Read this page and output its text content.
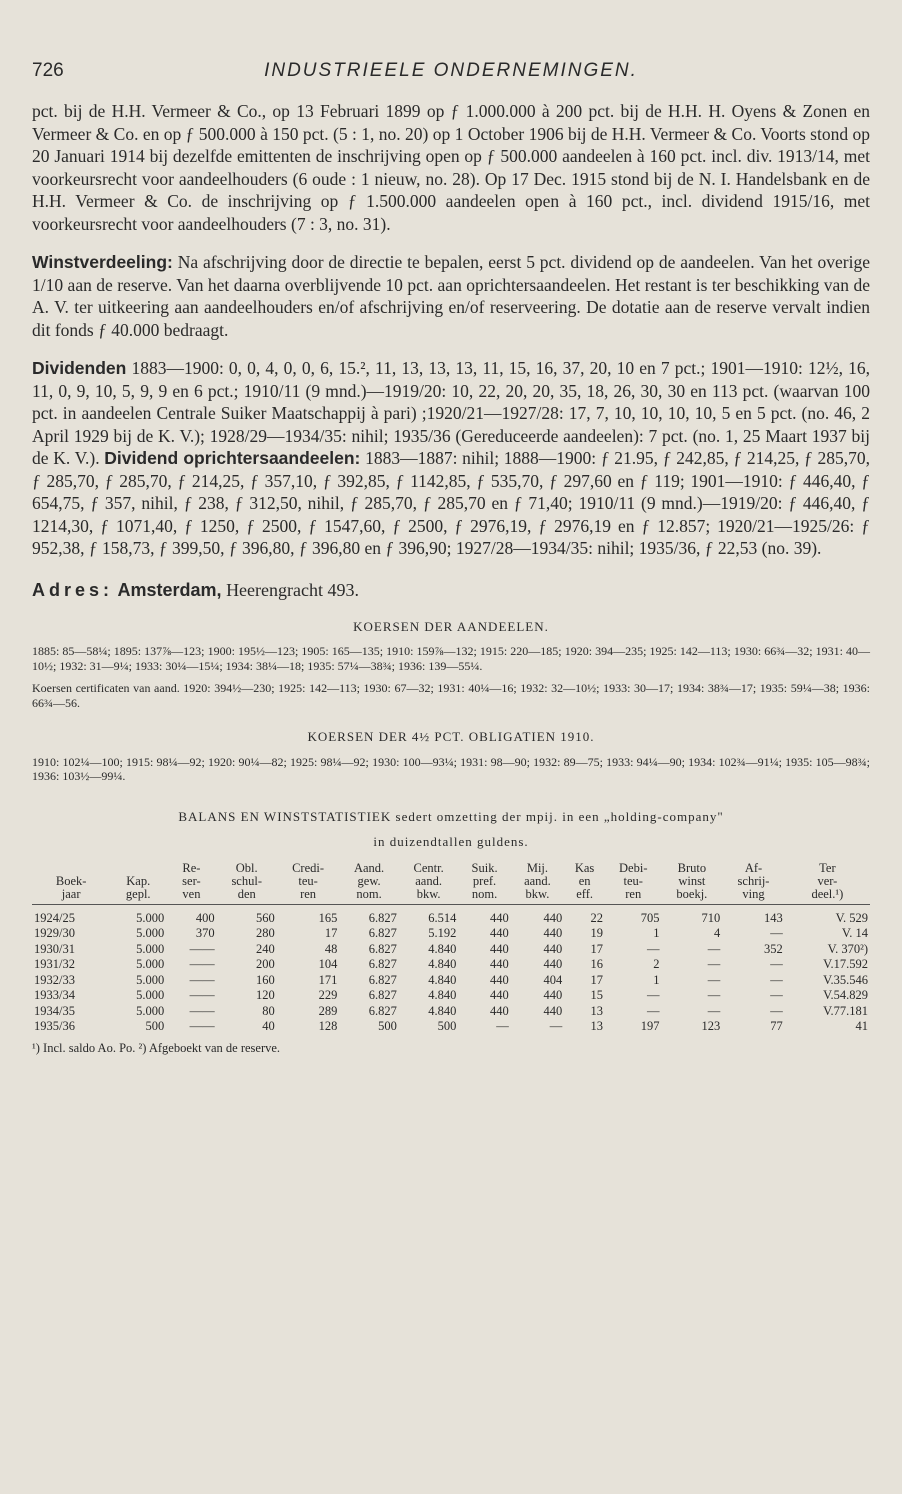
726	INDUSTRIEELE ONDERNEMINGEN.

pct. bij de H.H. Vermeer & Co., op 13 Februari 1899 op ƒ 1.000.000 à 200 pct. bij de H.H. H. Oyens & Zonen en Vermeer & Co. en op ƒ 500.000 à 150 pct. (5 : 1, no. 20) op 1 October 1906 bij de H.H. Vermeer & Co. Voorts stond op 20 Januari 1914 bij dezelfde emittenten de inschrijving open op ƒ 500.000 aandeelen à 160 pct. incl. div. 1913/14, met voorkeursrecht voor aandeelhouders (6 oude : 1 nieuw, no. 28). Op 17 Dec. 1915 stond bij de N. I. Handelsbank en de H.H. Vermeer & Co. de inschrijving op ƒ 1.500.000 aandeelen open à 160 pct., incl. dividend 1915/16, met voorkeursrecht voor aandeelhouders (7 : 3, no. 31).

Winstverdeeling: Na afschrijving door de directie te bepalen, eerst 5 pct. dividend op de aandeelen. Van het overige 1/10 aan de reserve. Van het daarna overblijvende 10 pct. aan oprichtersaandeelen. Het restant is ter beschikking van de A. V. ter uitkeering aan aandeelhouders en/of afschrijving en/of reserveering. De dotatie aan de reserve vervalt indien dit fonds ƒ 40.000 bedraagt.

Dividenden 1883—1900: 0, 0, 4, 0, 0, 6, 15.², 11, 13, 13, 13, 11, 15, 16, 37, 20, 10 en 7 pct.; 1901—1910: 12½, 16, 11, 0, 9, 10, 5, 9, 9 en 6 pct.; 1910/11 (9 mnd.)—1919/20: 10, 22, 20, 20, 35, 18, 26, 30, 30 en 113 pct. (waarvan 100 pct. in aandeelen Centrale Suiker Maatschappij à pari) ;1920/21—1927/28: 17, 7, 10, 10, 10, 10, 5 en 5 pct. (no. 46, 2 April 1929 bij de K. V.); 1928/29—1934/35: nihil; 1935/36 (Gereduceerde aandeelen): 7 pct. (no. 1, 25 Maart 1937 bij de K. V.). Dividend oprichtersaandeelen: 1883—1887: nihil; 1888—1900: ƒ 21.95, ƒ 242,85, ƒ 214,25, ƒ 285,70, ƒ 285,70, ƒ 285,70, ƒ 214,25, ƒ 357,10, ƒ 392,85, ƒ 1142,85, ƒ 535,70, ƒ 297,60 en ƒ 119; 1901—1910: ƒ 446,40, ƒ 654,75, ƒ 357, nihil, ƒ 238, ƒ 312,50, nihil, ƒ 285,70, ƒ 285,70 en ƒ 71,40; 1910/11 (9 mnd.)—1919/20: ƒ 446,40, ƒ 1214,30, ƒ 1071,40, ƒ 1250, ƒ 2500, ƒ 1547,60, ƒ 2500, ƒ 2976,19, ƒ 2976,19 en ƒ 12.857; 1920/21—1925/26: ƒ 952,38, ƒ 158,73, ƒ 399,50, ƒ 396,80, ƒ 396,80 en ƒ 396,90; 1927/28—1934/35: nihil; 1935/36, ƒ 22,53 (no. 39).

Adres: Amsterdam, Heerengracht 493.

KOERSEN DER AANDEELEN.

1885: 85—58¼; 1895: 137⅞—123; 1900: 195½—123; 1905: 165—135; 1910: 159⅞—132; 1915: 220—185; 1920: 394—235; 1925: 142—113; 1930: 66¾—32; 1931: 40—10½; 1932: 31—9¼; 1933: 30¼—15¼; 1934: 38¼—18; 1935: 57¼—38¾; 1936: 139—55¼.

Koersen certificaten van aand. 1920: 394½—230; 1925: 142—113; 1930: 67—32; 1931: 40¼—16; 1932: 32—10½; 1933: 30—17; 1934: 38¾—17; 1935: 59¼—38; 1936: 66¾—56.

KOERSEN DER 4½ PCT. OBLIGATIEN 1910.

1910: 102¼—100; 1915: 98¼—92; 1920: 90¼—82; 1925: 98¼—92; 1930: 100—93¼; 1931: 98—90; 1932: 89—75; 1933: 94¼—90; 1934: 102¾—91¼; 1935: 105—98¾; 1936: 103½—99¼.

BALANS EN WINSTSTATISTIEK sedert omzetting der mpij. in een „holding-company"

in duizendtallen guldens.

		Re-	Obl.	Credi-	Aand.	Centr.	Suik.	Mij.	Kas	Debi-	Bruto	Af-	Ter
Boek-	Kap.	ser-	schul-	teu-	gew.	aand.	pref.	aand.	en	teu-	winst	schrij-	ver-
jaar	gepl.	ven	den	ren	nom.	bkw.	nom.	bkw.	eff.	ren	boekj.	ving	deel.¹)
1924/25	5.000	400	560	165	6.827	6.514	440	440	22	705	710	143	V. 529
1929/30	5.000	370	280	17	6.827	5.192	440	440	19	1	4	—	V. 14
1930/31	5.000	——	240	48	6.827	4.840	440	440	17	—	—	352	V. 370²)
1931/32	5.000	——	200	104	6.827	4.840	440	440	16	2	—	—	V.17.592
1932/33	5.000	——	160	171	6.827	4.840	440	404	17	1	—	—	V.35.546
1933/34	5.000	——	120	229	6.827	4.840	440	440	15	—	—	—	V.54.829
1934/35	5.000	——	80	289	6.827	4.840	440	440	13	—	—	—	V.77.181
1935/36	500	——	40	128	500	500	—	—	13	197	123	77	41
¹) Incl. saldo Ao. Po. ²) Afgeboekt van de reserve.
